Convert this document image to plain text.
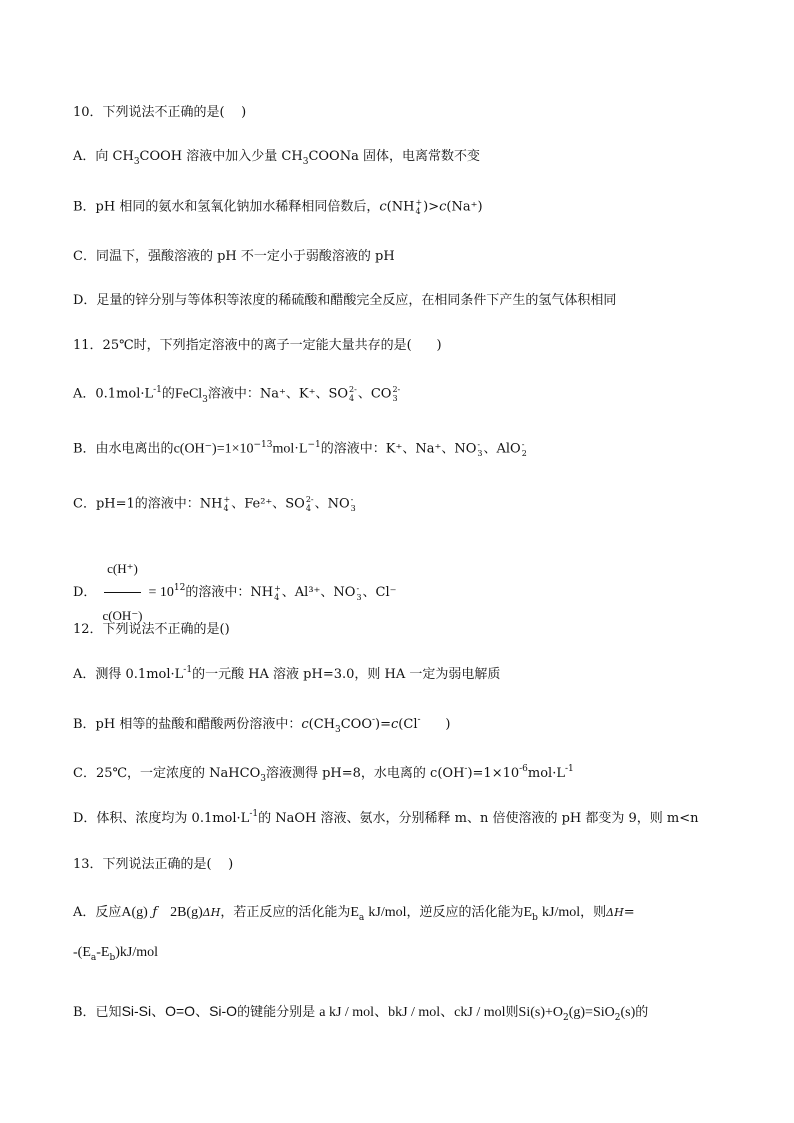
10．下列说法不正确的是(    )
A．向 $CH_3COOH$ 溶液中加入少量 $CH_3COONa$ 固体，电离常数不变
B．pH 相同的氨水和氢氧化钠加水稀释相同倍数后，c(NH +
4 )>c(Na⁺)
C．同温下，强酸溶液的 pH 不一定小于弱酸溶液的 pH
D．足量的锌分别与等体积等浓度的稀硫酸和醋酸完全反应，在相同条件下产生的氢气体积相同
11．25℃时，下列指定溶液中的离子一定能大量共存的是(      )
A．$0.1mol\cdot L^{-1}$的FeCl$_3$溶液中：Na⁺、K⁺、SO 2-
4 、CO 2-
3
B．由水电离出的$c(OH^-)=1\times 10^{-13}mol\cdot L^{-1}$的溶液中：K⁺、Na⁺、NO -
3 、AlO -
2
C．pH=1的溶液中：NH +
4 、Fe²⁺、SO 2-
4 、NO -
3
D． $\frac{c(H^+)}{c(OH^-)} = 10^{12}$的溶液中：NH +
4 、Al³⁺、NO -
3 、Cl⁻
12．下列说法不正确的是()
A．测得 $0.1mol\cdot L^{-1}$的一元酸 HA 溶液 pH=3.0，则 HA 一定为弱电解质
B．pH 相等的盐酸和醋酸两份溶液中：$c(CH_3COO^-)=c(Cl^-$      )
C．25℃，一定浓度的 NaHCO$_3$溶液测得 pH=8，水电离的 $c(OH^-)=1\times 10^{-6}mol\cdot L^{-1}$
D．体积、浓度均为 $0.1mol\cdot L^{-1}$的 NaOH 溶液、氨水，分别稀释 m、n 倍使溶液的 pH 都变为 9，则 m<n
13．下列说法正确的是(    )
A．反应A(g) ƒ 2B(g)ΔH，若正反应的活化能为$E_a$ kJ/mol，逆反应的活化能为$E_b$ kJ/mol，则ΔH=
$-(E_a-E_b)kJ$/mol
B．已知Si-Si、O=O、Si-O的键能分别是 a kJ / mol、bkJ / mol、ckJ / mol则$Si(s)+O_2(g)=SiO_2(s)$的
